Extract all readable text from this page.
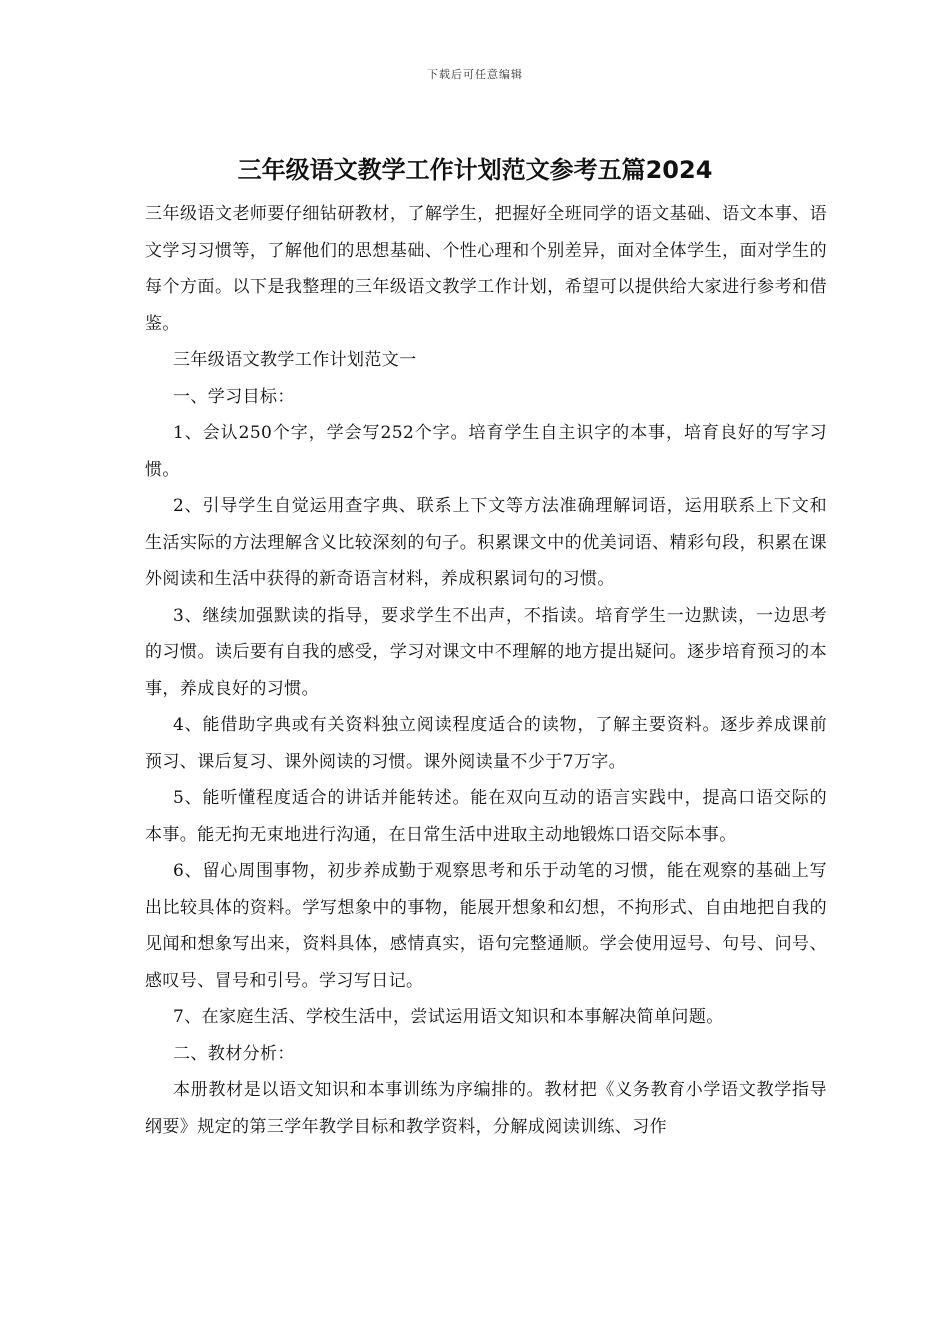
下载后可任意编辑
三年级语文教学工作计划范文参考五篇2024

三年级语文老师要仔细钻研教材，了解学生，把握好全班同学的语文基础、语文本事、语文学习习惯等，了解他们的思想基础、个性心理和个别差异，面对全体学生，面对学生的每个方面。以下是我整理的三年级语文教学工作计划，希望可以提供给大家进行参考和借鉴。

三年级语文教学工作计划范文一

一、学习目标：

1、会认250个字，学会写252个字。培育学生自主识字的本事，培育良好的写字习惯。

2、引导学生自觉运用查字典、联系上下文等方法准确理解词语，运用联系上下文和生活实际的方法理解含义比较深刻的句子。积累课文中的优美词语、精彩句段，积累在课外阅读和生活中获得的新奇语言材料，养成积累词句的习惯。

3、继续加强默读的指导，要求学生不出声，不指读。培育学生一边默读，一边思考的习惯。读后要有自我的感受，学习对课文中不理解的地方提出疑问。逐步培育预习的本事，养成良好的习惯。

4、能借助字典或有关资料独立阅读程度适合的读物，了解主要资料。逐步养成课前预习、课后复习、课外阅读的习惯。课外阅读量不少于7万字。

5、能听懂程度适合的讲话并能转述。能在双向互动的语言实践中，提高口语交际的本事。能无拘无束地进行沟通，在日常生活中进取主动地锻炼口语交际本事。

6、留心周围事物，初步养成勤于观察思考和乐于动笔的习惯，能在观察的基础上写出比较具体的资料。学写想象中的事物，能展开想象和幻想，不拘形式、自由地把自我的见闻和想象写出来，资料具体，感情真实，语句完整通顺。学会使用逗号、句号、问号、感叹号、冒号和引号。学习写日记。

7、在家庭生活、学校生活中，尝试运用语文知识和本事解决简单问题。

二、教材分析：

本册教材是以语文知识和本事训练为序编排的。教材把《义务教育小学语文教学指导纲要》规定的第三学年教学目标和教学资料，分解成阅读训练、习作
